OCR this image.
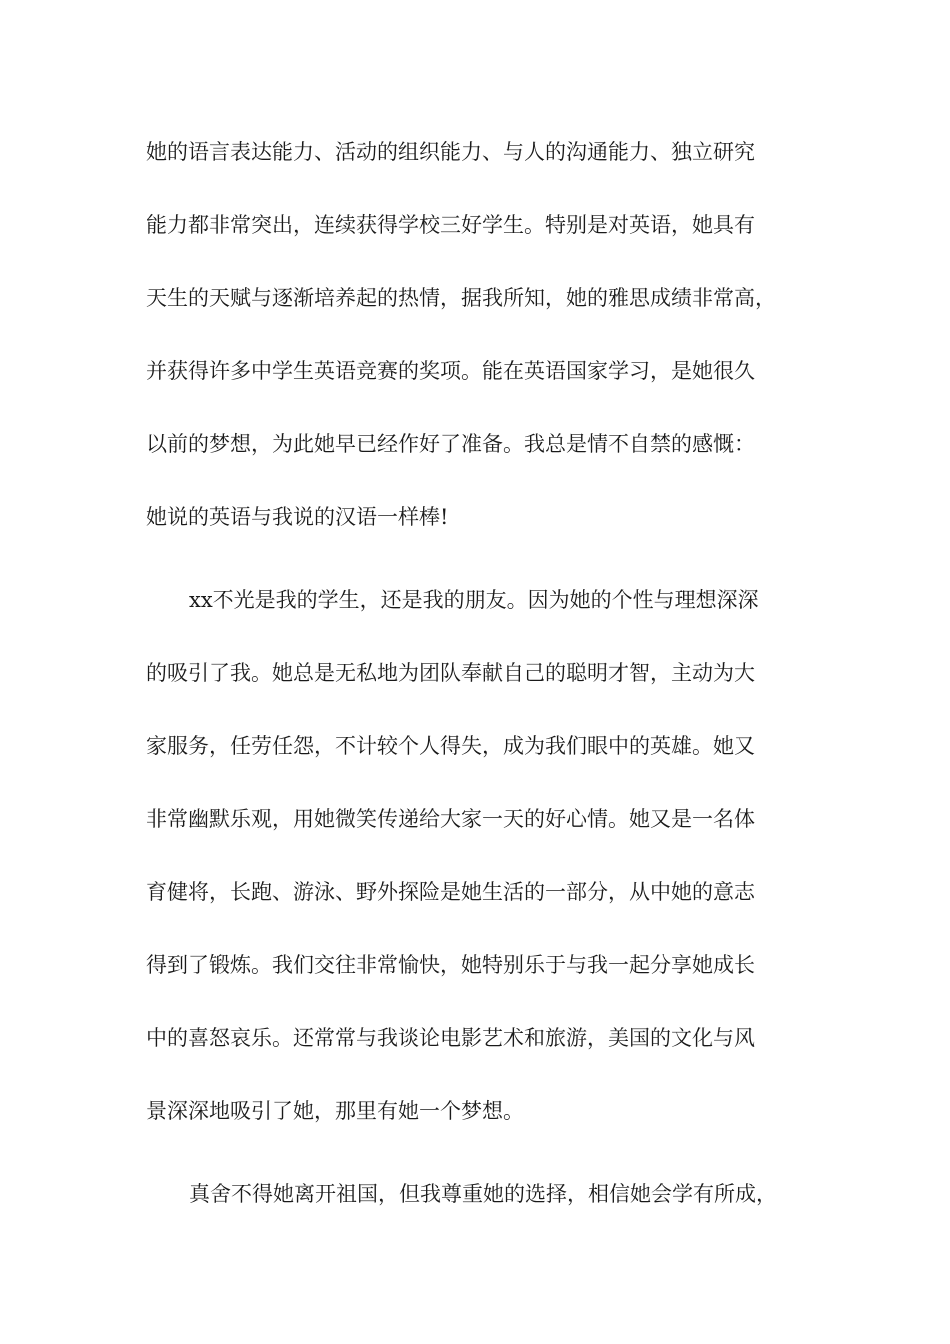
她的语言表达能力、活动的组织能力、与人的沟通能力、独立研究
能力都非常突出，连续获得学校三好学生。特别是对英语，她具有
天生的天赋与逐渐培养起的热情，据我所知，她的雅思成绩非常高，
并获得许多中学生英语竞赛的奖项。能在英语国家学习，是她很久
以前的梦想，为此她早已经作好了准备。我总是情不自禁的感慨：
她说的英语与我说的汉语一样棒!
xx不光是我的学生，还是我的朋友。因为她的个性与理想深深
的吸引了我。她总是无私地为团队奉献自己的聪明才智，主动为大
家服务，任劳任怨，不计较个人得失，成为我们眼中的英雄。她又
非常幽默乐观，用她微笑传递给大家一天的好心情。她又是一名体
育健将，长跑、游泳、野外探险是她生活的一部分，从中她的意志
得到了锻炼。我们交往非常愉快，她特别乐于与我一起分享她成长
中的喜怒哀乐。还常常与我谈论电影艺术和旅游，美国的文化与风
景深深地吸引了她，那里有她一个梦想。
真舍不得她离开祖国，但我尊重她的选择，相信她会学有所成，
